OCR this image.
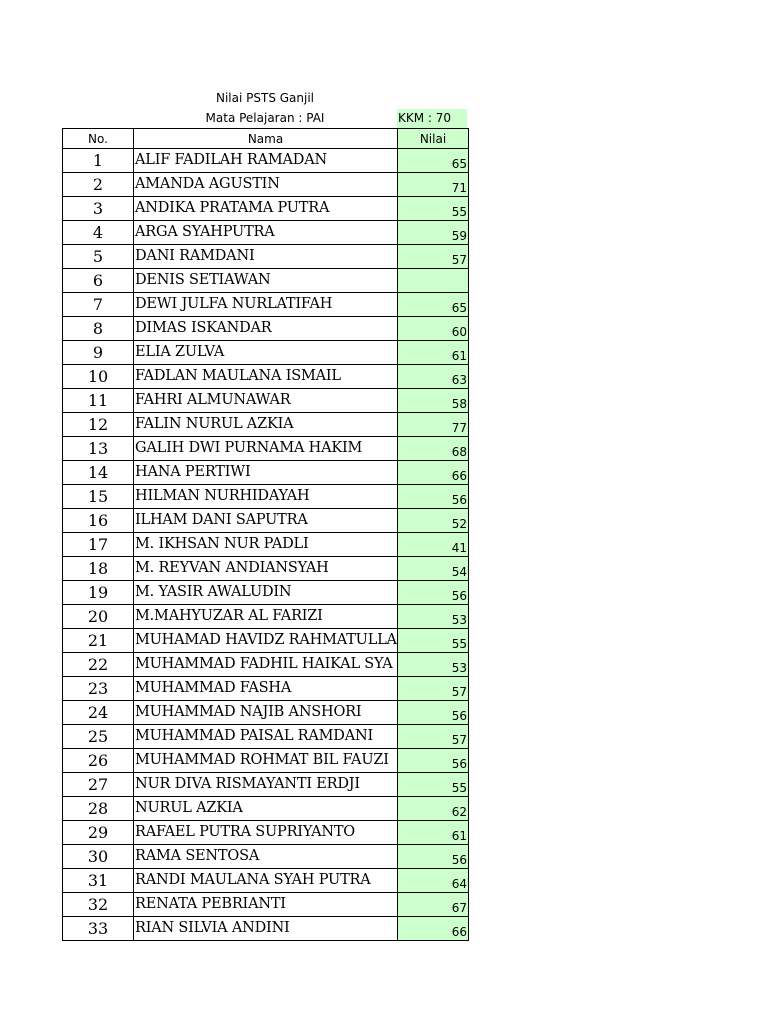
Nilai PSTS Ganjil
Mata Pelajaran : PAI	KKM : 70
No.	Nama	Nilai
1	ALIF FADILAH RAMADAN	65
2	AMANDA AGUSTIN	71
3	ANDIKA PRATAMA PUTRA	55
4	ARGA SYAHPUTRA	59
5	DANI RAMDANI	57
6	DENIS SETIAWAN	
7	DEWI JULFA NURLATIFAH	65
8	DIMAS ISKANDAR	60
9	ELIA ZULVA	61
10	FADLAN MAULANA ISMAIL	63
11	FAHRI ALMUNAWAR	58
12	FALIN NURUL AZKIA	77
13	GALIH DWI PURNAMA HAKIM	68
14	HANA PERTIWI	66
15	HILMAN NURHIDAYAH	56
16	ILHAM DANI SAPUTRA	52
17	M. IKHSAN NUR PADLI	41
18	M. REYVAN ANDIANSYAH	54
19	M. YASIR AWALUDIN	56
20	M.MAHYUZAR AL FARIZI	53
21	MUHAMAD HAVIDZ RAHMATULLA	55
22	MUHAMMAD FADHIL HAIKAL SYA	53
23	MUHAMMAD FASHA	57
24	MUHAMMAD NAJIB ANSHORI	56
25	MUHAMMAD PAISAL RAMDANI	57
26	MUHAMMAD ROHMAT BIL FAUZI	56
27	NUR DIVA RISMAYANTI ERDJI	55
28	NURUL AZKIA	62
29	RAFAEL PUTRA SUPRIYANTO	61
30	RAMA SENTOSA	56
31	RANDI MAULANA SYAH PUTRA	64
32	RENATA PEBRIANTI	67
33	RIAN SILVIA ANDINI	66
